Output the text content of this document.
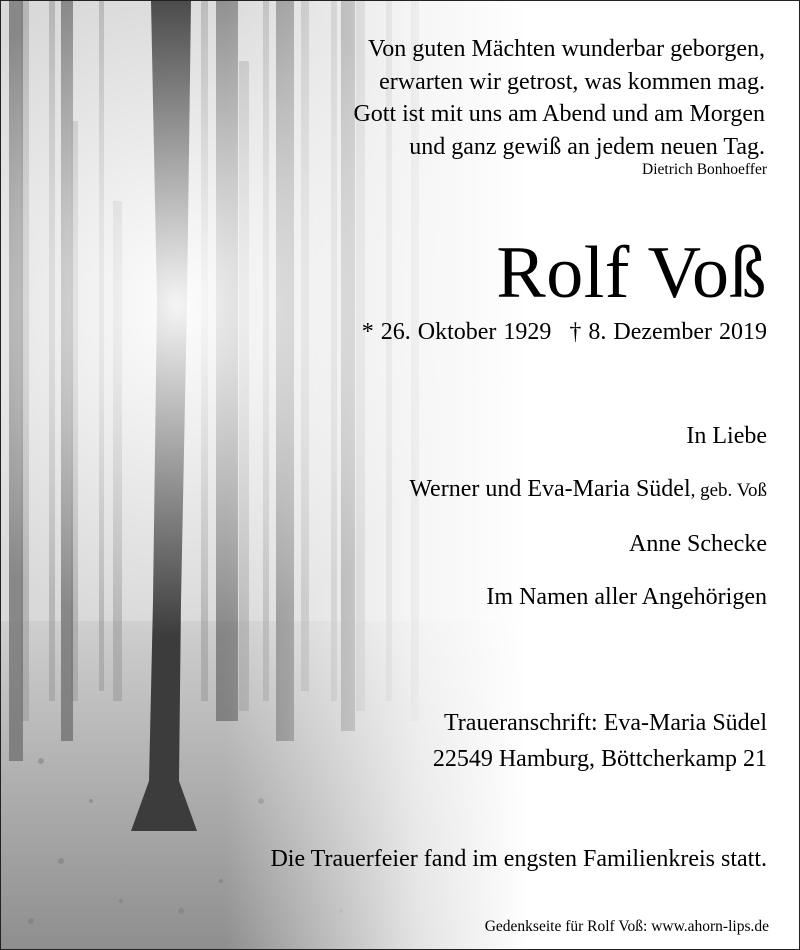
Von guten Mächten wunderbar geborgen,
erwarten wir getrost, was kommen mag.
Gott ist mit uns am Abend und am Morgen
und ganz gewiß an jedem neuen Tag.
Dietrich Bonhoeffer
Rolf Voß
* 26. Oktober 1929 † 8. Dezember 2019
In Liebe
Werner und Eva-Maria Südel, geb. Voß
Anne Schecke
Im Namen aller Angehörigen
Traueranschrift: Eva-Maria Südel
22549 Hamburg, Böttcherkamp 21
Die Trauerfeier fand im engsten Familienkreis statt.
Gedenkseite für Rolf Voß: www.ahorn-lips.de
